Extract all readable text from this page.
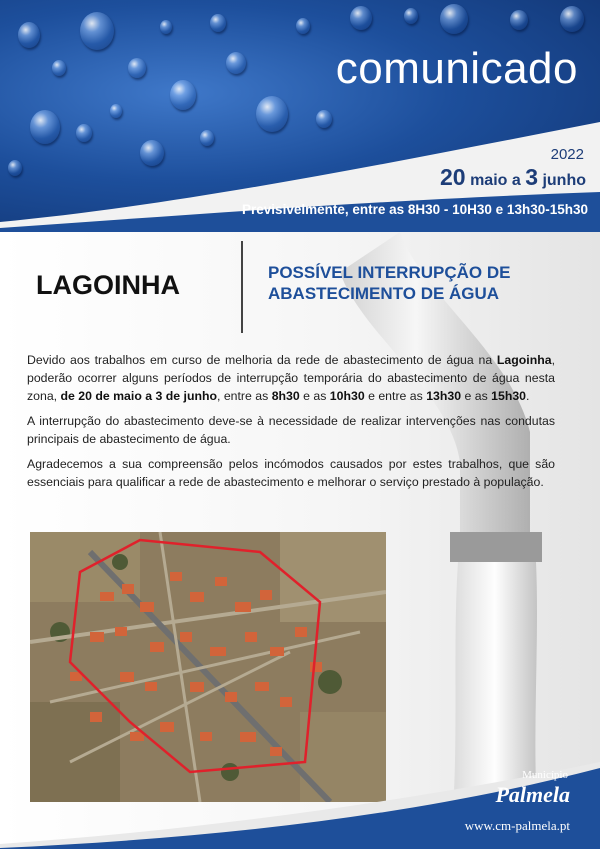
comunicado
2022
20 maio a 3 junho
Previsivelmente, entre as 8H30 - 10H30 e 13h30-15h30
LAGOINHA	POSSÍVEL INTERRUPÇÃO DE
ABASTECIMENTO DE ÁGUA

Devido aos trabalhos em curso de melhoria da rede de abastecimento de água na Lagoinha, poderão ocorrer alguns períodos de interrupção temporária do abastecimento de água nesta zona, de 20 de maio a 3 de junho, entre as 8h30 e as 10h30 e entre as 13h30 e as 15h30.

A interrupção do abastecimento deve-se à necessidade de realizar intervenções nas condutas principais de abastecimento de água.

Agradecemos a sua compreensão pelos incómodos causados por estes trabalhos, que são essenciais para qualificar a rede de abastecimento e melhorar o serviço prestado à população.

Município
Palmela
www.cm-palmela.pt
